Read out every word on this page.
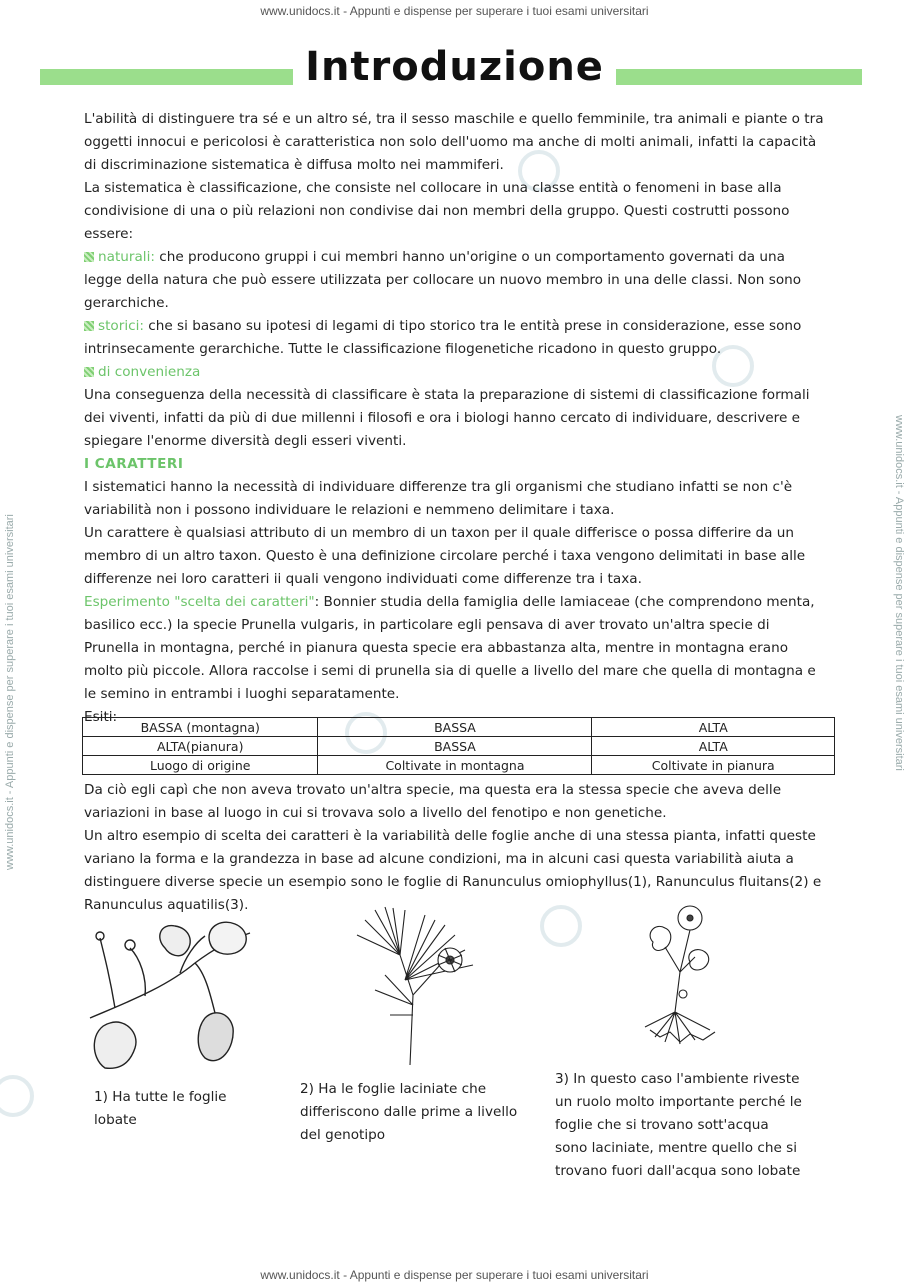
www.unidocs.it - Appunti e dispense per superare i tuoi esami universitari
www.unidocs.it - Appunti e dispense per superare i tuoi esami universitari
www.unidocs.it - Appunti e dispense per superare i tuoi esami universitari	www.unidocs.it - Appunti e dispense per superare i tuoi esami universitari
Introduzione

L'abilità di distinguere tra sé e un altro sé, tra il sesso maschile e quello femminile, tra animali e piante o tra oggetti innocui e pericolosi è caratteristica non solo dell'uomo ma anche di molti animali, infatti la capacità di discriminazione sistematica è diffusa molto nei mammiferi.

La sistematica è classificazione, che consiste nel collocare in una classe entità o fenomeni in base alla condivisione di una o più relazioni non condivise dai non membri della gruppo. Questi costrutti possono essere:

naturali: che producono gruppi i cui membri hanno un'origine o un comportamento governati da una legge della natura che può essere utilizzata per collocare un nuovo membro in una delle classi. Non sono gerarchiche.

storici: che si basano su ipotesi di legami di tipo storico tra le entità prese in considerazione, esse sono intrinsecamente gerarchiche. Tutte le classificazione filogenetiche ricadono in questo gruppo.

di convenienza

Una conseguenza della necessità di classificare è stata la preparazione di sistemi di classificazione formali dei viventi, infatti da più di due millenni i filosofi e ora i biologi hanno cercato di individuare, descrivere e spiegare l'enorme diversità degli esseri viventi.

I CARATTERI

I sistematici hanno la necessità di individuare differenze tra gli organismi che studiano infatti se non c'è variabilità non i possono individuare le relazioni e nemmeno delimitare i taxa.

Un carattere è qualsiasi attributo di un membro di un taxon per il quale differisce o possa differire da un membro di un altro taxon. Questo è una definizione circolare perché i taxa vengono delimitati in base alle differenze nei loro caratteri ii quali vengono individuati come differenze tra i taxa.

Esperimento "scelta dei caratteri": Bonnier studia della famiglia delle lamiaceae (che comprendono menta, basilico ecc.) la specie Prunella vulgaris, in particolare egli pensava di aver trovato un'altra specie di Prunella in montagna, perché in pianura questa specie era abbastanza alta, mentre in montagna erano molto più piccole. Allora raccolse i semi di prunella sia di quelle a livello del mare che quella di montagna e le semino in entrambi i luoghi separatamente.

Esiti:

BASSA (montagna)	BASSA	ALTA
ALTA(pianura)	BASSA	ALTA
Luogo di origine	Coltivate in montagna	Coltivate in pianura

Da ciò egli capì che non aveva trovato un'altra specie, ma questa era la stessa specie che aveva delle variazioni in base al luogo in cui si trovava solo a livello del fenotipo e non genetiche.

Un altro esempio di scelta dei caratteri è la variabilità delle foglie anche di una stessa pianta, infatti queste variano la forma e la grandezza in base ad alcune condizioni, ma in alcuni casi questa variabilità aiuta a distinguere diverse specie un esempio sono le foglie di Ranunculus omiophyllus(1), Ranunculus fluitans(2) e Ranunculus aquatilis(3).

1) Ha tutte le foglie lobate
2) Ha le foglie laciniate che differiscono dalle prime a livello del genotipo
3) In questo caso l'ambiente riveste un ruolo molto importante perché le foglie che si trovano sott'acqua sono laciniate, mentre quello che si trovano fuori dall'acqua sono lobate
